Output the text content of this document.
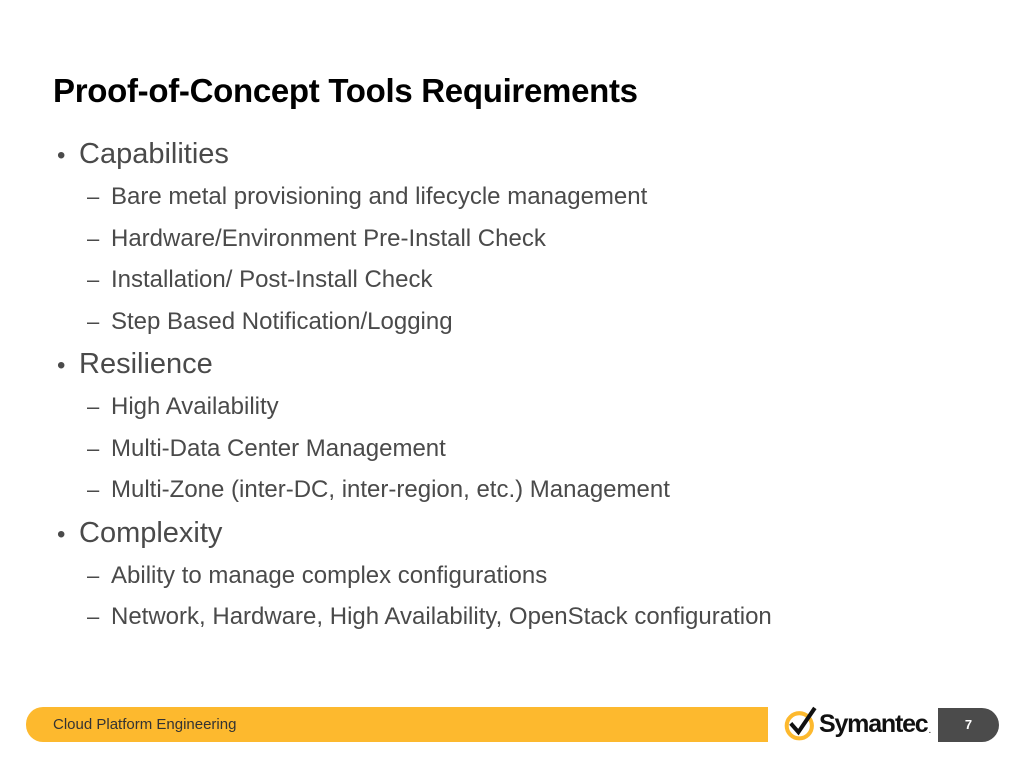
Proof-of-Concept Tools Requirements
• Capabilities
– Bare metal provisioning and lifecycle management
– Hardware/Environment Pre-Install Check
– Installation/ Post-Install Check
– Step Based Notification/Logging
• Resilience
– High Availability
– Multi-Data Center Management
– Multi-Zone (inter-DC, inter-region, etc.) Management
• Complexity
– Ability to manage complex configurations
– Network, Hardware, High Availability, OpenStack configuration
Cloud Platform Engineering	Symantec .	7
